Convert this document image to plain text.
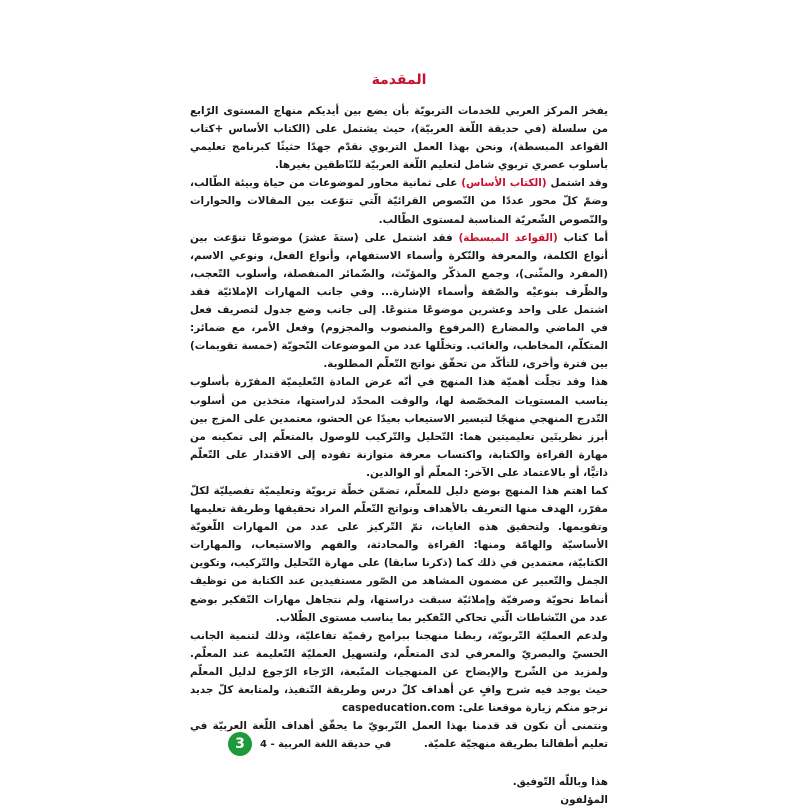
المقدمة

يفخر المركز العربي للخدمات التربويّة بأن يضع بين أيديكم منهاج المستوى الرّابع من سلسلة (في حديقة اللّغة العربيّة)، حيث يشتمل على (الكتاب الأساس +كتاب القواعد المبسطة)، ونحن بهذا العمل التربوي نقدّم جهدًا حثيثًا كبرنامج تعليمي بأسلوب عصري تربوي شامل لتعليم اللّغة العربيّة للنّاطقين بغيرها.

وقد اشتمل (الكتاب الأساس) على ثمانية محاور لموضوعات من حياة وبيئة الطّالب، وضمّ كلّ محور عددًا من النّصوص القرائيّة الّتي تنوّعت بين المقالات والحوارات والنّصوص الشّعريّة المناسبة لمستوى الطّالب.

أما كتاب (القواعد المبسطة) فقد اشتمل على (ستةَ عشرَ) موضوعًا تنوّعت بين أنواع الكلمة، والمعرفة والنّكرة وأسماء الاستفهام، وأنواع الفعل، ونوعي الاسم، (المفرد والمثّنى)، وجمع المذكّر والمؤنّث، والضّمائر المنفصلة، وأسلوب التّعجب، والظّرف بنوعيْه والصّفة وأسماء الإشارة... وفي جانب المهارات الإملائيّة فقد اشتمل على واحد وعشرين موضوعًا متنوعًا. إلى جانب وضع جدول لتصريف فعل في الماضي والمضارع (المرفوع والمنصوب والمجزوم) وفعل الأمر، مع ضمائر: المتكلّم، المخاطب، والغائب. وتخلّلها عدد من الموضوعات النّحويّة (خمسة تقويمات) بين فترة وأخرى، للتأكّد من تحقّق نواتج التّعلّم المطلوبة.

هذا وقد تجلّت أهميّة هذا المنهج في أنّه عرض المادة التّعليميّة المقرّرة بأسلوب يناسب المستويات المخصّصة لها، والوقت المحدّد لدراستها، متخذين من أسلوب التّدرج المنهجي منهجًا لتيسير الاستيعاب بعيدًا عن الحشو، معتمدين على المزج بين أبرز نظريتَين تعليميتين هما: التّحليل والتّركيب للوصول بالمتعلّم إلى تمكينه من مهارة القراءة والكتابة، واكتساب معرفة متوازنة تقوده إلى الاقتدار على التّعلّم ذاتيًّا، أو بالاعتماد على الآخر: المعلّم أو الوالدين.

كما اهتم هذا المنهج بوضع دليل للمعلّم، تضمّن خطّة تربويّة وتعليميّة تفصيليّة لكلّ مقرّر، الهدف منها التعريف بالأهداف ونواتج التّعلّم المراد تحقيقها وطريقة تعليمها وتقويمها. ولتحقيق هذه الغايات، تمّ التّركيز على عدد من المهارات اللّغويّة الأساسيّة والهامّة ومنها: القراءة والمحادثة، والفهم والاستيعاب، والمهارات الكتابيّة، معتمدين في ذلك كما (ذكرنا سابقا) على مهارة التّحليل والتّركيب، وتكوين الجمل والتّعبير عن مضمون المشاهد من الصّور مستفيدين عند الكتابة من توظيف أنماط نحويّة وصرفيّة وإملائيّة سبقت دراستها، ولم نتجاهل مهارات التّفكير بوضع عدد من النّشاطات الّتي تحاكي التّفكير بما يناسب مستوى الطّلاب.

ولدعم العمليّة التّربويّة، ربطنا منهجنا ببرامج رقميّة تفاعليّة، وذلك لتنمية الجانب الحسيّ والبصريّ والمعرفي لدى المتعلّم، ولتسهيل العمليّة التّعليمة عند المعلّم. ولمزيد من الشّرح والإيضاح عن المنهجيات المتّبعة، الرّجاء الرّجوع لدليل المعلّم حيث يوجد فيه شرح وافٍ عن أهداف كلّ درس وطريقة التّنفيذ، ولمتابعة كلّ جديد نرجو منكم زيارة موقعنا على: caspeducation.com

ونتمنى أن نكون قد قدمنا بهذا العمل التّربويّ ما يحقّق أهداف اللّغة العربيّة في تعليم أطفالنا بطريقة منهجيّة علميّة.

هذا وباللّه التّوفيق.

المؤلفون

3	في حديقة اللغة العربية - 4
